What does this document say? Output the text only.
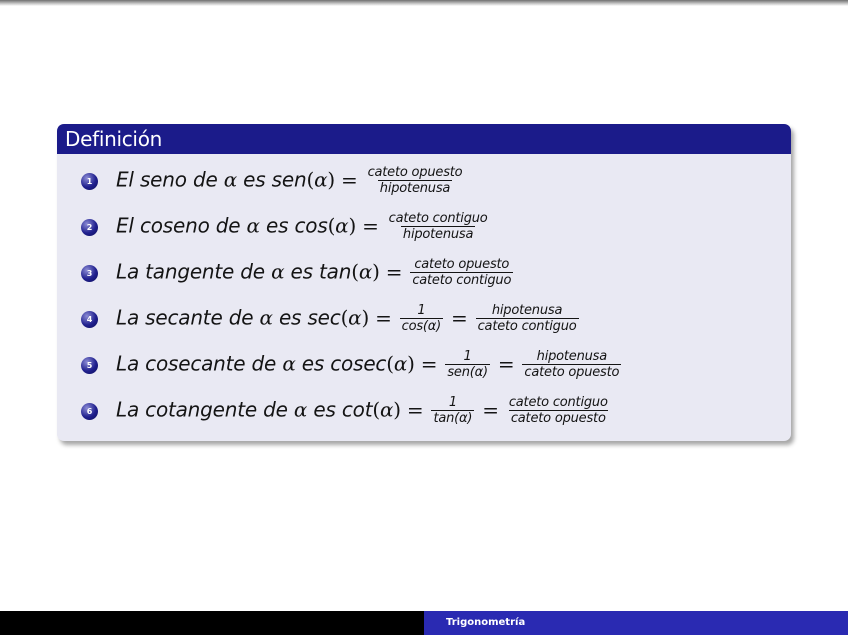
Definición
1 El seno de α es $sen(\alpha) = \frac{\text{cateto opuesto}}{\text{hipotenusa}}$
2 El coseno de α es $\cos(\alpha) = \frac{\text{cateto contiguo}}{\text{hipotenusa}}$
3 La tangente de α es $\tan(\alpha) = \frac{\text{cateto opuesto}}{\text{cateto contiguo}}$
4 La secante de α es $\sec(\alpha) = \frac{1}{\cos(\alpha)} = \frac{\text{hipotenusa}}{\text{cateto contiguo}}$
5 La cosecante de α es $cosec(\alpha) = \frac{1}{\text{sen(α)}} = \frac{\text{hipotenusa}}{\text{cateto opuesto}}$
6 La cotangente de α es $\cot(\alpha) = \frac{1}{\tan(\alpha)} = \frac{\text{cateto contiguo}}{\text{cateto opuesto}}$
Trigonometría
